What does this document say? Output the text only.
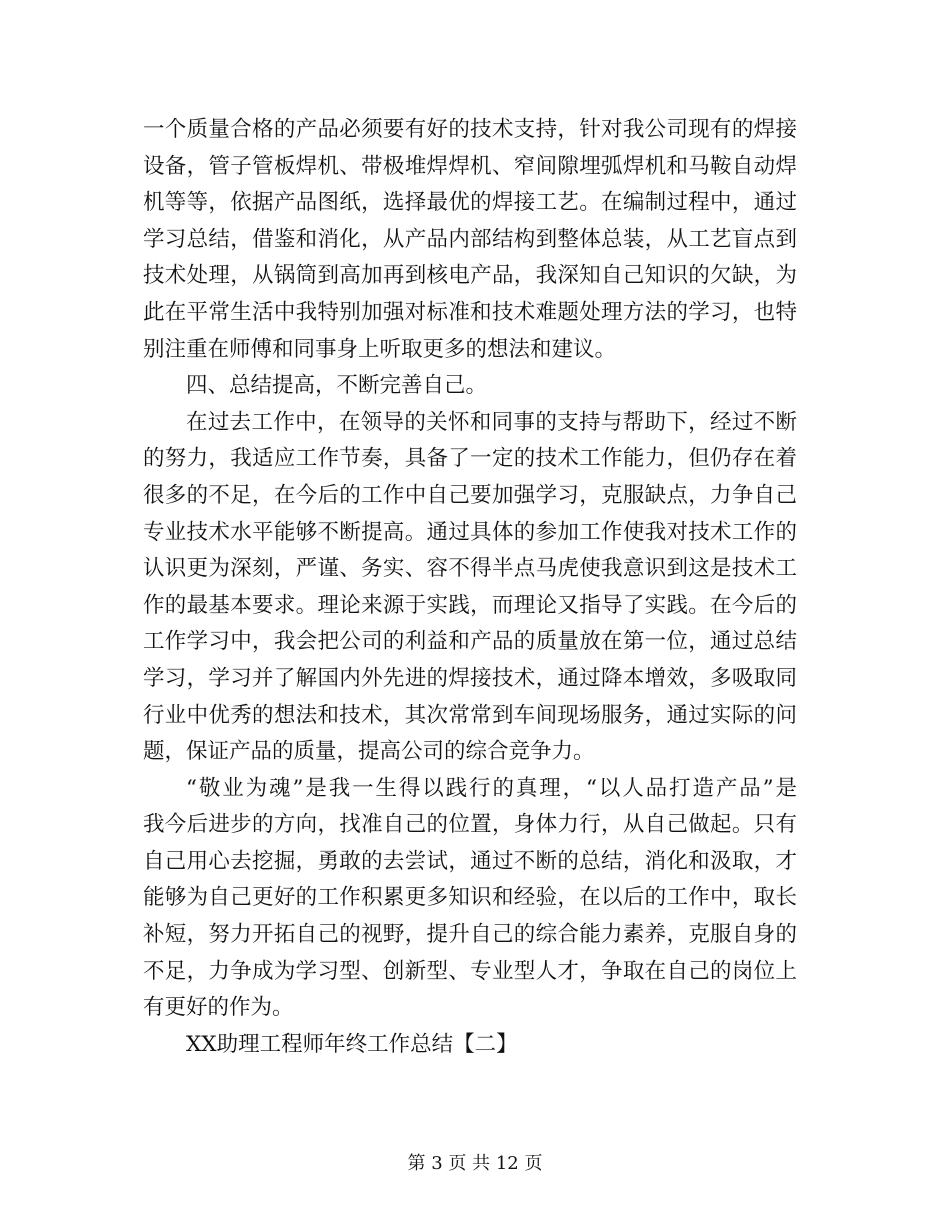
一个质量合格的产品必须要有好的技术支持，针对我公司现有的焊接
设备，管子管板焊机、带极堆焊焊机、窄间隙埋弧焊机和马鞍自动焊
机等等，依据产品图纸，选择最优的焊接工艺。在编制过程中，通过
学习总结，借鉴和消化，从产品内部结构到整体总装，从工艺盲点到
技术处理，从锅筒到高加再到核电产品，我深知自己知识的欠缺，为
此在平常生活中我特别加强对标准和技术难题处理方法的学习，也特
别注重在师傅和同事身上听取更多的想法和建议。
四、总结提高，不断完善自己。
在过去工作中，在领导的关怀和同事的支持与帮助下，经过不断
的努力，我适应工作节奏，具备了一定的技术工作能力，但仍存在着
很多的不足，在今后的工作中自己要加强学习，克服缺点，力争自己
专业技术水平能够不断提高。通过具体的参加工作使我对技术工作的
认识更为深刻，严谨、务实、容不得半点马虎使我意识到这是技术工
作的最基本要求。理论来源于实践，而理论又指导了实践。在今后的
工作学习中，我会把公司的利益和产品的质量放在第一位，通过总结
学习，学习并了解国内外先进的焊接技术，通过降本增效，多吸取同
行业中优秀的想法和技术，其次常常到车间现场服务，通过实际的问
题，保证产品的质量，提高公司的综合竞争力。
“敬业为魂”是我一生得以践行的真理，“以人品打造产品”是
我今后进步的方向，找准自己的位置，身体力行，从自己做起。只有
自己用心去挖掘，勇敢的去尝试，通过不断的总结，消化和汲取，才
能够为自己更好的工作积累更多知识和经验，在以后的工作中，取长
补短，努力开拓自己的视野，提升自己的综合能力素养，克服自身的
不足，力争成为学习型、创新型、专业型人才，争取在自己的岗位上
有更好的作为。
XX助理工程师年终工作总结【二】
第 3 页 共 12 页
